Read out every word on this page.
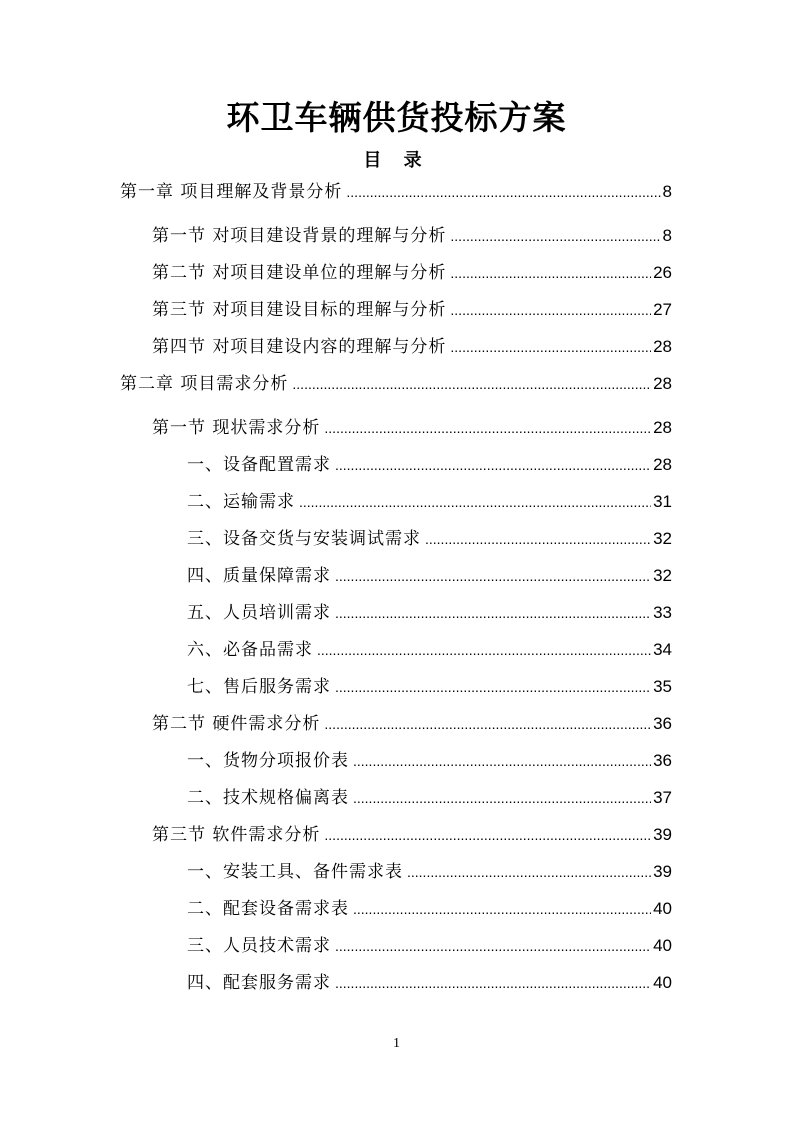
环卫车辆供货投标方案
目 录
第一章 项目理解及背景分析 .....	8
第一节 对项目建设背景的理解与分析 .....	8
第二节 对项目建设单位的理解与分析 .....	26
第三节 对项目建设目标的理解与分析 .....	27
第四节 对项目建设内容的理解与分析 .....	28
第二章 项目需求分析 .....	28
第一节 现状需求分析 .....	28
一、设备配置需求 .....	28
二、运输需求 .....	31
三、设备交货与安装调试需求 .....	32
四、质量保障需求 .....	32
五、人员培训需求 .....	33
六、必备品需求 .....	34
七、售后服务需求 .....	35
第二节 硬件需求分析 .....	36
一、货物分项报价表 .....	36
二、技术规格偏离表 .....	37
第三节 软件需求分析 .....	39
一、安装工具、备件需求表 .....	39
二、配套设备需求表 .....	40
三、人员技术需求 .....	40
四、配套服务需求 .....	40
1
